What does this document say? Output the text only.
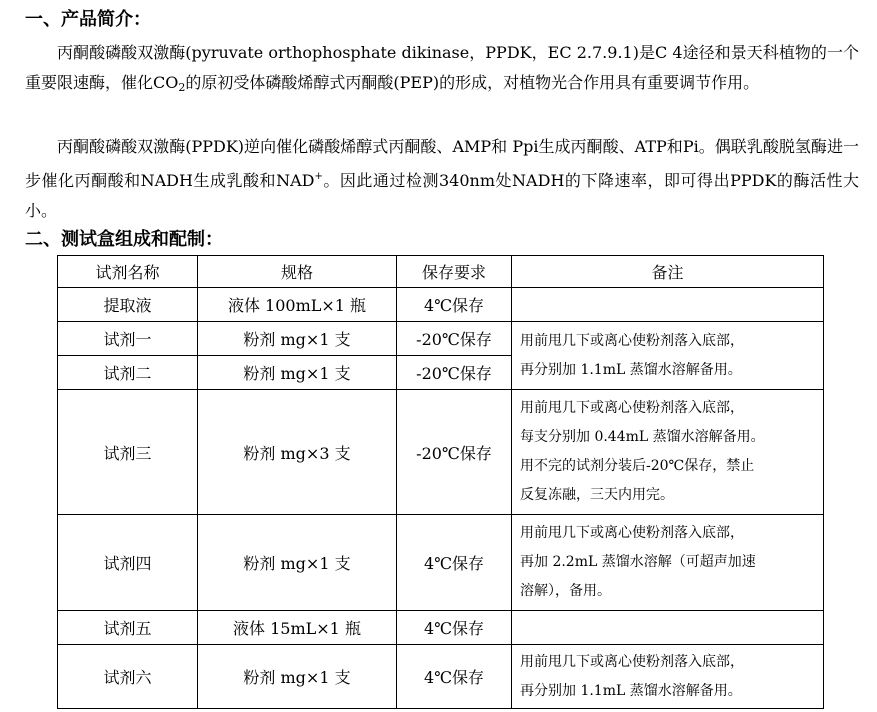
一、产品简介：

丙酮酸磷酸双激酶(pyruvate orthophosphate dikinase，PPDK，EC 2.7.9.1)是C 4途径和景天科植物的一个重要限速酶，催化$CO_2$的原初受体磷酸烯醇式丙酮酸(PEP)的形成，对植物光合作用具有重要调节作用。

丙酮酸磷酸双激酶(PPDK)逆向催化磷酸烯醇式丙酮酸、AMP和 Ppi生成丙酮酸、ATP和Pi。偶联乳酸脱氢酶进一步催化丙酮酸和NADH生成乳酸和NAD+。因此通过检测340nm处NADH的下降速率，即可得出PPDK的酶活性大小。

二、测试盒组成和配制：
试剂名称	规格	保存要求	备注
提取液	液体 100mL×1 瓶	4℃保存	
试剂一	粉剂 mg×1 支	-20℃保存	用前甩几下或离心使粉剂落入底部，
再分别加 1.1mL 蒸馏水溶解备用。

试剂二	粉剂 mg×1 支	-20℃保存	
试剂三	粉剂 mg×3 支	-20℃保存	用前甩几下或离心使粉剂落入底部，
每支分别加 0.44mL 蒸馏水溶解备用。
用不完的试剂分装后-20℃保存，禁止
反复冻融，三天内用完。

试剂四	粉剂 mg×1 支	4℃保存	用前甩几下或离心使粉剂落入底部，
再加 2.2mL 蒸馏水溶解（可超声加速
溶解），备用。

试剂五	液体 15mL×1 瓶	4℃保存	
试剂六	粉剂 mg×1 支	4℃保存	用前甩几下或离心使粉剂落入底部，
再分别加 1.1mL 蒸馏水溶解备用。
